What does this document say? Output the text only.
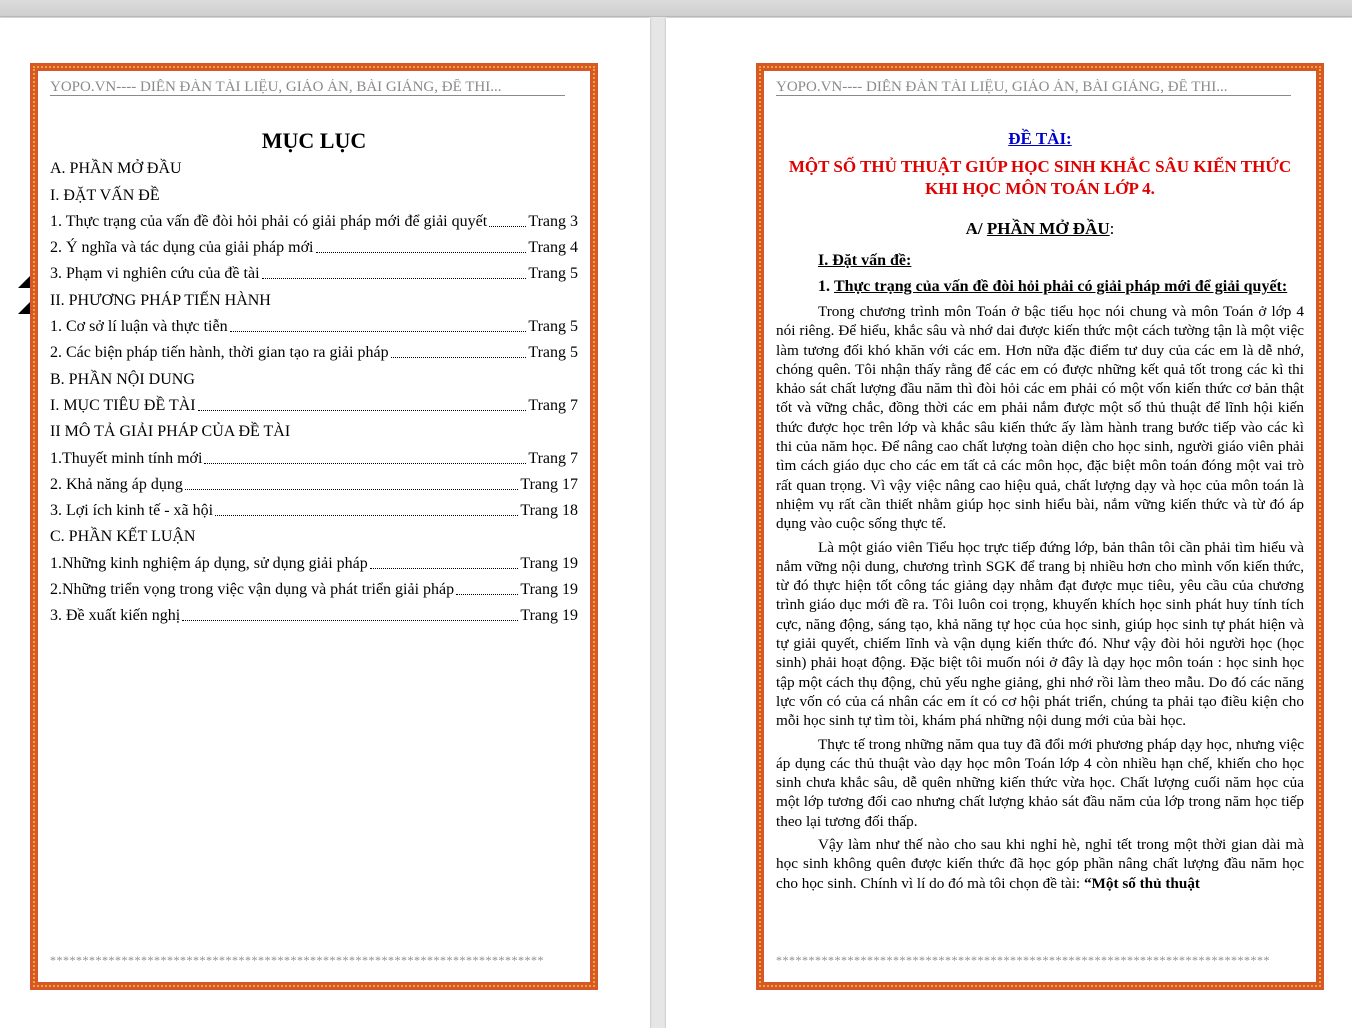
YOPO.VN---- DIỄN ĐÀN TÀI LIỆU, GIÁO ÁN, BÀI GIẢNG, ĐỀ THI...
MỤC LỤC
A. PHẦN MỞ ĐẦU
I. ĐẶT VẤN ĐỀ
1. Thực trạng của vấn đề đòi hỏi phải có giải pháp mới để giải quyết	Trang 3
2. Ý nghĩa và tác dụng của giải pháp mới	Trang 4
3. Phạm vi nghiên cứu của đề tài	Trang 5
II. PHƯƠNG PHÁP TIẾN HÀNH
1. Cơ sở lí luận và thực tiễn	Trang 5
2. Các biện pháp tiến hành, thời gian tạo ra giải pháp	Trang 5
B. PHẦN NỘI DUNG
I. MỤC TIÊU ĐỀ TÀI	Trang 7
II MÔ TẢ GIẢI PHÁP CỦA ĐỀ TÀI
1.Thuyết minh tính mới	Trang 7
2. Khả năng áp dụng	Trang 17
3. Lợi ích kinh tế - xã hội	Trang 18
C. PHẦN KẾT LUẬN
1.Những kinh nghiệm áp dụng, sử dụng giải pháp	Trang 19
2.Những triển vọng trong việc vận dụng và phát triển giải pháp	Trang 19
3. Đề xuất kiến nghị	Trang 19
****************************************************************************
YOPO.VN---- DIỄN ĐÀN TÀI LIỆU, GIÁO ÁN, BÀI GIẢNG, ĐỀ THI...
ĐỀ TÀI:
MỘT SỐ THỦ THUẬT GIÚP HỌC SINH KHẮC SÂU KIẾN THỨC KHI HỌC MÔN TOÁN LỚP 4.
A/ PHẦN MỞ ĐẦU:
I. Đặt vấn đề:
1. Thực trạng của vấn đề đòi hỏi phải có giải pháp mới để giải quyết:
Trong chương trình môn Toán ở bậc tiểu học nói chung và môn Toán ở lớp 4 nói riêng. Để hiểu, khắc sâu và nhớ dai được kiến thức một cách tường tận là một việc làm tương đối khó khăn với các em. Hơn nữa đặc điểm tư duy của các em là dễ nhớ, chóng quên. Tôi nhận thấy rằng để các em có được những kết quả tốt trong các kì thi khảo sát chất lượng đầu năm thì đòi hỏi các em phải có một vốn kiến thức cơ bản thật tốt và vững chắc, đồng thời các em phải nắm được một số thủ thuật để lĩnh hội kiến thức được học trên lớp và khắc sâu kiến thức ấy làm hành trang bước tiếp vào các kì thi của năm học. Để nâng cao chất lượng toàn diện cho học sinh, người giáo viên phải tìm cách giáo dục cho các em tất cả các môn học, đặc biệt môn toán đóng một vai trò rất quan trọng. Vì vậy việc nâng cao hiệu quả, chất lượng dạy và học của môn toán là nhiệm vụ rất cần thiết nhằm giúp học sinh hiểu bài, nắm vững kiến thức và từ đó áp dụng vào cuộc sống thực tế.
Là một giáo viên Tiểu học trực tiếp đứng lớp, bản thân tôi cần phải tìm hiểu và nắm vững nội dung, chương trình SGK để trang bị nhiều hơn cho mình vốn kiến thức, từ đó thực hiện tốt công tác giảng dạy nhằm đạt được mục tiêu, yêu cầu của chương trình giáo dục mới đề ra. Tôi luôn coi trọng, khuyến khích học sinh phát huy tính tích cực, năng động, sáng tạo, khả năng tự học của học sinh, giúp học sinh tự phát hiện và tự giải quyết, chiếm lĩnh và vận dụng kiến thức đó. Như vậy đòi hỏi người học (học sinh) phải hoạt động. Đặc biệt tôi muốn nói ở đây là dạy học môn toán : học sinh học tập một cách thụ động, chủ yếu nghe giảng, ghi nhớ rồi làm theo mẫu. Do đó các năng lực vốn có của cá nhân các em ít có cơ hội phát triển, chúng ta phải tạo điều kiện cho mỗi học sinh tự tìm tòi, khám phá những nội dung mới của bài học.
Thực tế trong những năm qua tuy đã đổi mới phương pháp dạy học, nhưng việc áp dụng các thủ thuật vào dạy học môn Toán lớp 4 còn nhiều hạn chế, khiến cho học sinh chưa khắc sâu, dễ quên những kiến thức vừa học. Chất lượng cuối năm học của một lớp tương đối cao nhưng chất lượng khảo sát đầu năm của lớp trong năm học tiếp theo lại tương đối thấp.
Vậy làm như thế nào cho sau khi nghỉ hè, nghỉ tết trong một thời gian dài mà học sinh không quên được kiến thức đã học góp phần nâng chất lượng đầu năm học cho học sinh. Chính vì lí do đó mà tôi chọn đề tài: “Một số thủ thuật
****************************************************************************
